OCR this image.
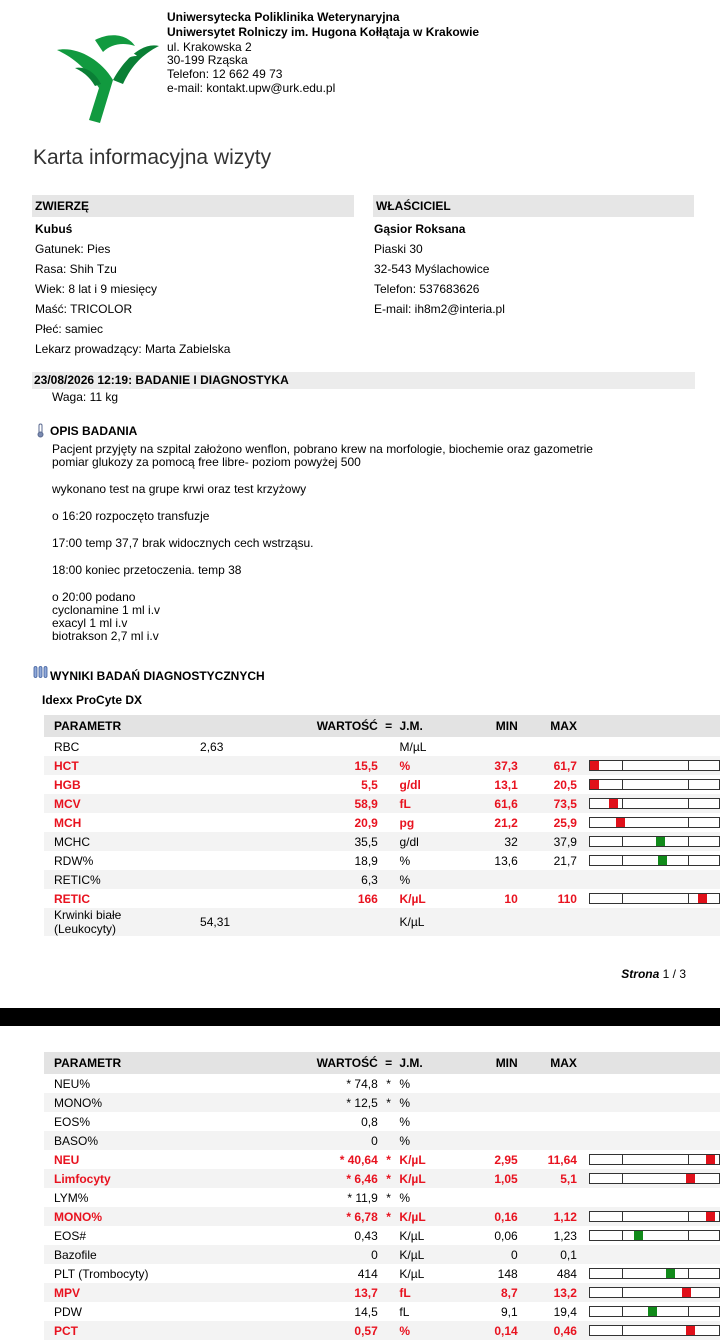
Uniwersytecka Poliklinika Weterynaryjna
Uniwersytet Rolniczy im. Hugona Kołłątaja w Krakowie
ul. Krakowska 2
30-199 Rząska
Telefon: 12 662 49 73
e-mail: kontakt.upw@urk.edu.pl
Karta informacyjna wizyty
ZWIERZĘ
Kubuś
Gatunek: Pies
Rasa: Shih Tzu
Wiek: 8 lat i 9 miesięcy
Maść: TRICOLOR
Płeć: samiec
Lekarz prowadzący: Marta Zabielska
WŁAŚCICIEL
Gąsior Roksana
Piaski 30
32-543 Myślachowice
Telefon: 537683626
E-mail: ih8m2@interia.pl
23/08/2026 12:19: BADANIE I DIAGNOSTYKA
Waga: 11 kg
OPIS BADANIA

Pacjent przyjęty na szpital założono wenflon, pobrano krew na morfologie, biochemie oraz gazometrie
pomiar glukozy za pomocą free libre- poziom powyżej 500

wykonano test na grupe krwi oraz test krzyżowy

o 16:20 rozpoczęto transfuzje

17:00 temp 37,7 brak widocznych cech wstrząsu.

18:00 koniec przetoczenia. temp 38

o 20:00 podano
cyclonamine 1 ml i.v
exacyl 1 ml i.v
biotrakson 2,7 ml i.v

WYNIKI BADAŃ DIAGNOSTYCZNYCH
Idexx ProCyte DX
PARAMETR		WARTOŚĆ	=	J.M.	MIN	MAX	
RBC	2,63			M/µL			
HCT		15,5		%	37,3	61,7	

HGB		5,5		g/dl	13,1	20,5	

MCV		58,9		fL	61,6	73,5	

MCH		20,9		pg	21,2	25,9	

MCHC		35,5		g/dl	32	37,9	

RDW%		18,9		%	13,6	21,7	

RETIC%		6,3		%			
RETIC		166		K/µL	10	110	

Krwinki białe
(Leukocyty)	54,31			K/µL			
Strona 1 / 3
PARAMETR		WARTOŚĆ	=	J.M.	MIN	MAX	
NEU%		* 74,8	*	%			
MONO%		* 12,5	*	%			
EOS%		0,8		%			
BASO%		0		%			
NEU		* 40,64	*	K/µL	2,95	11,64	

Limfocyty		* 6,46	*	K/µL	1,05	5,1	

LYM%		* 11,9	*	%			
MONO%		* 6,78	*	K/µL	0,16	1,12	

EOS#		0,43		K/µL	0,06	1,23	

Bazofile		0		K/µL	0	0,1	
PLT (Trombocyty)		414		K/µL	148	484	

MPV		13,7		fL	8,7	13,2	

PDW		14,5		fL	9,1	19,4	

PCT		0,57		%	0,14	0,46	
